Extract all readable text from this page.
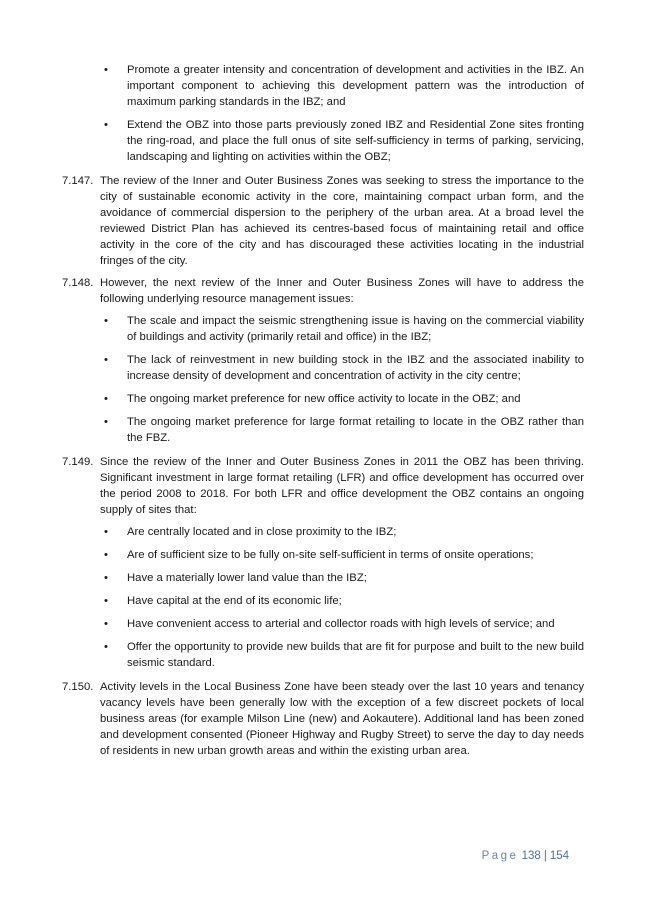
• Promote a greater intensity and concentration of development and activities in the IBZ. An important component to achieving this development pattern was the introduction of maximum parking standards in the IBZ; and
• Extend the OBZ into those parts previously zoned IBZ and Residential Zone sites fronting the ring-road, and place the full onus of site self-sufficiency in terms of parking, servicing, landscaping and lighting on activities within the OBZ;
7.147. The review of the Inner and Outer Business Zones was seeking to stress the importance to the city of sustainable economic activity in the core, maintaining compact urban form, and the avoidance of commercial dispersion to the periphery of the urban area. At a broad level the reviewed District Plan has achieved its centres-based focus of maintaining retail and office activity in the core of the city and has discouraged these activities locating in the industrial fringes of the city.
7.148. However, the next review of the Inner and Outer Business Zones will have to address the following underlying resource management issues:
• The scale and impact the seismic strengthening issue is having on the commercial viability of buildings and activity (primarily retail and office) in the IBZ;
• The lack of reinvestment in new building stock in the IBZ and the associated inability to increase density of development and concentration of activity in the city centre;
• The ongoing market preference for new office activity to locate in the OBZ; and
• The ongoing market preference for large format retailing to locate in the OBZ rather than the FBZ.
7.149. Since the review of the Inner and Outer Business Zones in 2011 the OBZ has been thriving. Significant investment in large format retailing (LFR) and office development has occurred over the period 2008 to 2018. For both LFR and office development the OBZ contains an ongoing supply of sites that:
• Are centrally located and in close proximity to the IBZ;
• Are of sufficient size to be fully on-site self-sufficient in terms of onsite operations;
• Have a materially lower land value than the IBZ;
• Have capital at the end of its economic life;
• Have convenient access to arterial and collector roads with high levels of service; and
• Offer the opportunity to provide new builds that are fit for purpose and built to the new build seismic standard.
7.150. Activity levels in the Local Business Zone have been steady over the last 10 years and tenancy vacancy levels have been generally low with the exception of a few discreet pockets of local business areas (for example Milson Line (new) and Aokautere). Additional land has been zoned and development consented (Pioneer Highway and Rugby Street) to serve the day to day needs of residents in new urban growth areas and within the existing urban area.
Page 138 | 154
